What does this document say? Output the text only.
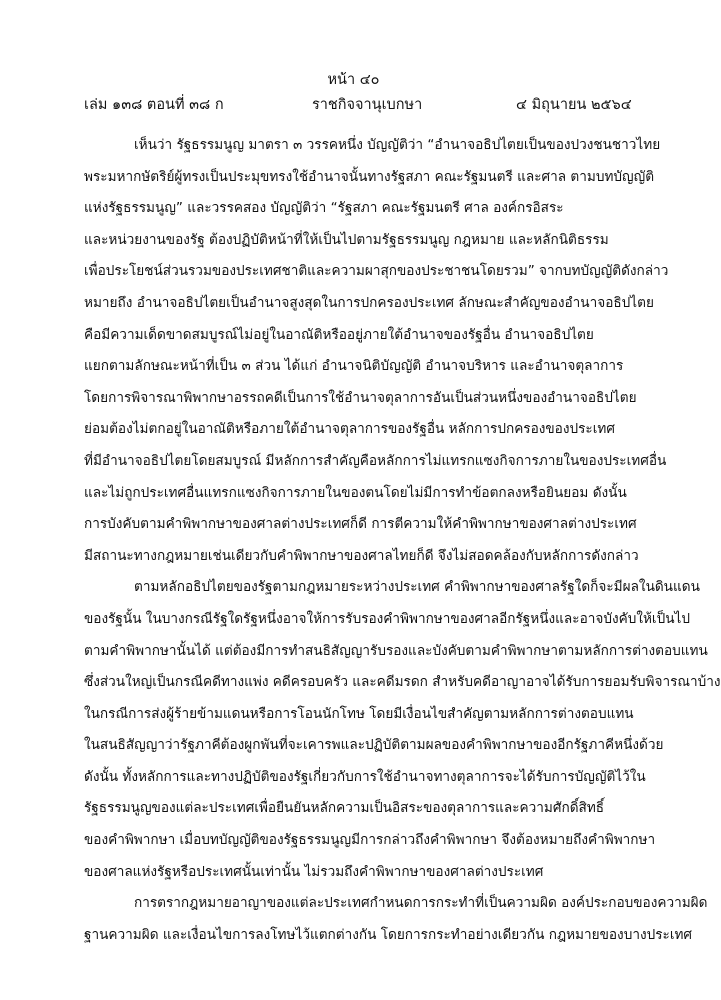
หน้า ๔๐
เล่ม ๑๓๘ ตอนที่ ๓๘ ก	ราชกิจจานุเบกษา	๔ มิถุนายน ๒๕๖๔
เห็นว่า รัฐธรรมนูญ มาตรา ๓ วรรคหนึ่ง บัญญัติว่า “อำนาจอธิปไตยเป็นของปวงชนชาวไทย
พระมหากษัตริย์ผู้ทรงเป็นประมุขทรงใช้อำนาจนั้นทางรัฐสภา คณะรัฐมนตรี และศาล ตามบทบัญญัติ
แห่งรัฐธรรมนูญ” และวรรคสอง บัญญัติว่า “รัฐสภา คณะรัฐมนตรี ศาล องค์กรอิสระ
และหน่วยงานของรัฐ ต้องปฏิบัติหน้าที่ให้เป็นไปตามรัฐธรรมนูญ กฎหมาย และหลักนิติธรรม
เพื่อประโยชน์ส่วนรวมของประเทศชาติและความผาสุกของประชาชนโดยรวม” จากบทบัญญัติดังกล่าว
หมายถึง อำนาจอธิปไตยเป็นอำนาจสูงสุดในการปกครองประเทศ ลักษณะสำคัญของอำนาจอธิปไตย
คือมีความเด็ดขาดสมบูรณ์ไม่อยู่ในอาณัติหรืออยู่ภายใต้อำนาจของรัฐอื่น อำนาจอธิปไตย
แยกตามลักษณะหน้าที่เป็น ๓ ส่วน ได้แก่ อำนาจนิติบัญญัติ อำนาจบริหาร และอำนาจตุลาการ
โดยการพิจารณาพิพากษาอรรถคดีเป็นการใช้อำนาจตุลาการอันเป็นส่วนหนึ่งของอำนาจอธิปไตย
ย่อมต้องไม่ตกอยู่ในอาณัติหรือภายใต้อำนาจตุลาการของรัฐอื่น หลักการปกครองของประเทศ
ที่มีอำนาจอธิปไตยโดยสมบูรณ์ มีหลักการสำคัญคือหลักการไม่แทรกแซงกิจการภายในของประเทศอื่น
และไม่ถูกประเทศอื่นแทรกแซงกิจการภายในของตนโดยไม่มีการทำข้อตกลงหรือยินยอม ดังนั้น
การบังคับตามคำพิพากษาของศาลต่างประเทศก็ดี การตีความให้คำพิพากษาของศาลต่างประเทศ
มีสถานะทางกฎหมายเช่นเดียวกับคำพิพากษาของศาลไทยก็ดี จึงไม่สอดคล้องกับหลักการดังกล่าว
ตามหลักอธิปไตยของรัฐตามกฎหมายระหว่างประเทศ คำพิพากษาของศาลรัฐใดก็จะมีผลในดินแดน
ของรัฐนั้น ในบางกรณีรัฐใดรัฐหนึ่งอาจให้การรับรองคำพิพากษาของศาลอีกรัฐหนึ่งและอาจบังคับให้เป็นไป
ตามคำพิพากษานั้นได้ แต่ต้องมีการทำสนธิสัญญารับรองและบังคับตามคำพิพากษาตามหลักการต่างตอบแทน
ซึ่งส่วนใหญ่เป็นกรณีคดีทางแพ่ง คดีครอบครัว และคดีมรดก สำหรับคดีอาญาอาจได้รับการยอมรับพิจารณาบ้าง
ในกรณีการส่งผู้ร้ายข้ามแดนหรือการโอนนักโทษ โดยมีเงื่อนไขสำคัญตามหลักการต่างตอบแทน
ในสนธิสัญญาว่ารัฐภาคีต้องผูกพันที่จะเคารพและปฏิบัติตามผลของคำพิพากษาของอีกรัฐภาคีหนึ่งด้วย
ดังนั้น ทั้งหลักการและทางปฏิบัติของรัฐเกี่ยวกับการใช้อำนาจทางตุลาการจะได้รับการบัญญัติไว้ใน
รัฐธรรมนูญของแต่ละประเทศเพื่อยืนยันหลักความเป็นอิสระของตุลาการและความศักดิ์สิทธิ์
ของคำพิพากษา เมื่อบทบัญญัติของรัฐธรรมนูญมีการกล่าวถึงคำพิพากษา จึงต้องหมายถึงคำพิพากษา
ของศาลแห่งรัฐหรือประเทศนั้นเท่านั้น ไม่รวมถึงคำพิพากษาของศาลต่างประเทศ
การตรากฎหมายอาญาของแต่ละประเทศกำหนดการกระทำที่เป็นความผิด องค์ประกอบของความผิด
ฐานความผิด และเงื่อนไขการลงโทษไว้แตกต่างกัน โดยการกระทำอย่างเดียวกัน กฎหมายของบางประเทศ
